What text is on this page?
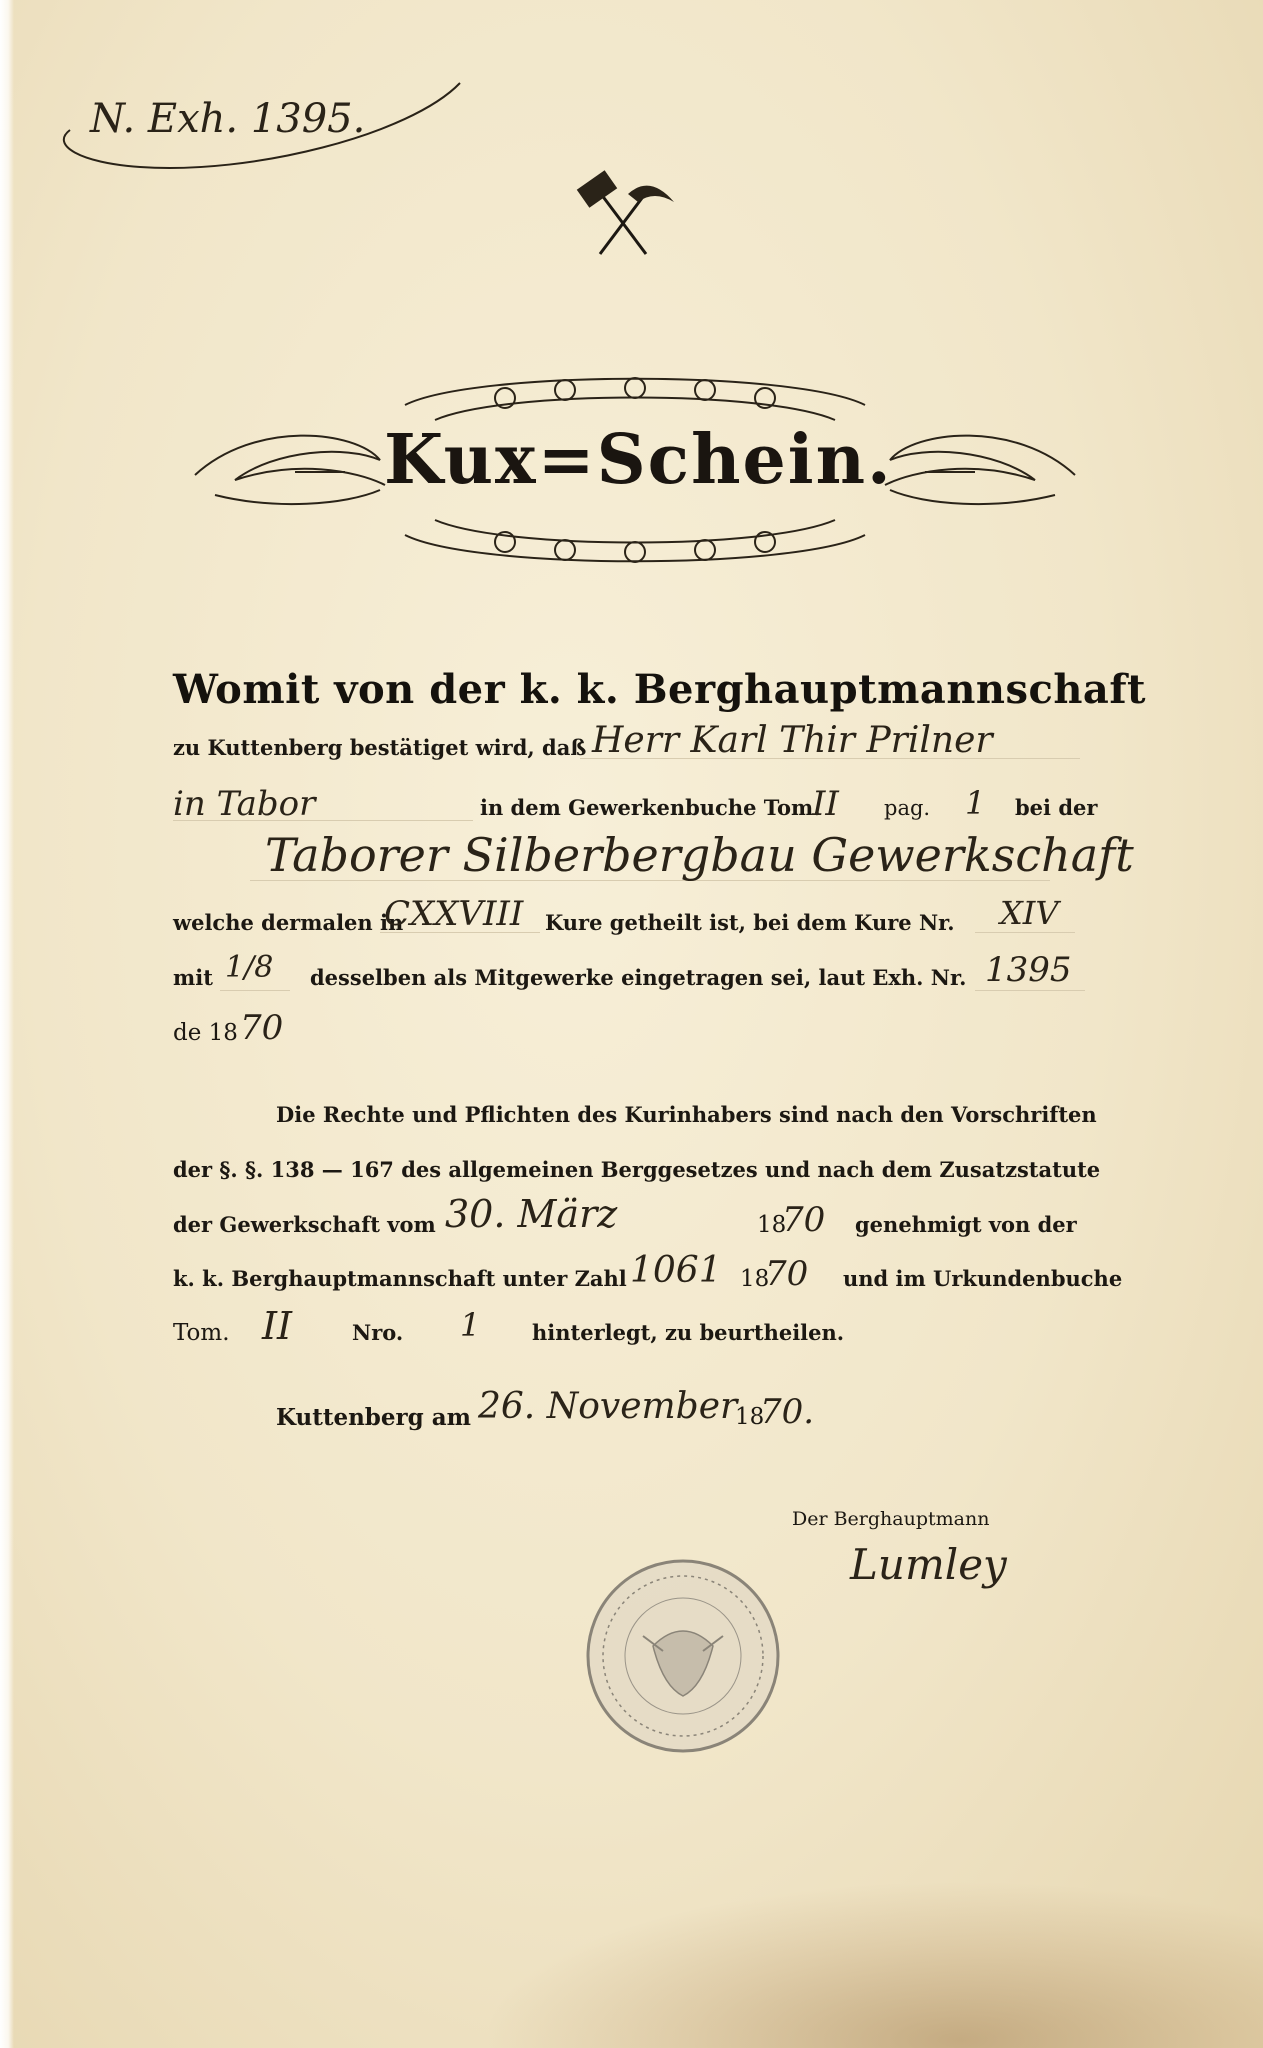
N. Exh. 1395.
Kux=Schein.
Womit von der k. k. Berghauptmannschaft
zu Kuttenberg bestätiget wird, daß Herr Karl Thir Prilner
in Tabor	in dem Gewerkenbuche Tom.
II pag. 1 bei der
Taborer Silberbergbau Gewerkschaft
welche dermalen in
CXXVIII Kure getheilt ist, bei dem Kure Nr. XIV
mit 1/8 desselben als Mitgewerke eingetragen sei, laut Exh. Nr. 1395
de 18 70
Die Rechte und Pflichten des Kurinhabers sind nach den Vorschriften
der §. §. 138 — 167 des allgemeinen Berggesetzes und nach dem Zusatzstatute
der Gewerkschaft vom 30. März	18
70 genehmigt von der
k. k. Berghauptmannschaft unter Zahl 1061 18
70 und im Urkundenbuche
Tom. II	Nro. 1 hinterlegt, zu beurtheilen.
Kuttenberg am 26. November
18
70.
Der Berghauptmann
Lumley
